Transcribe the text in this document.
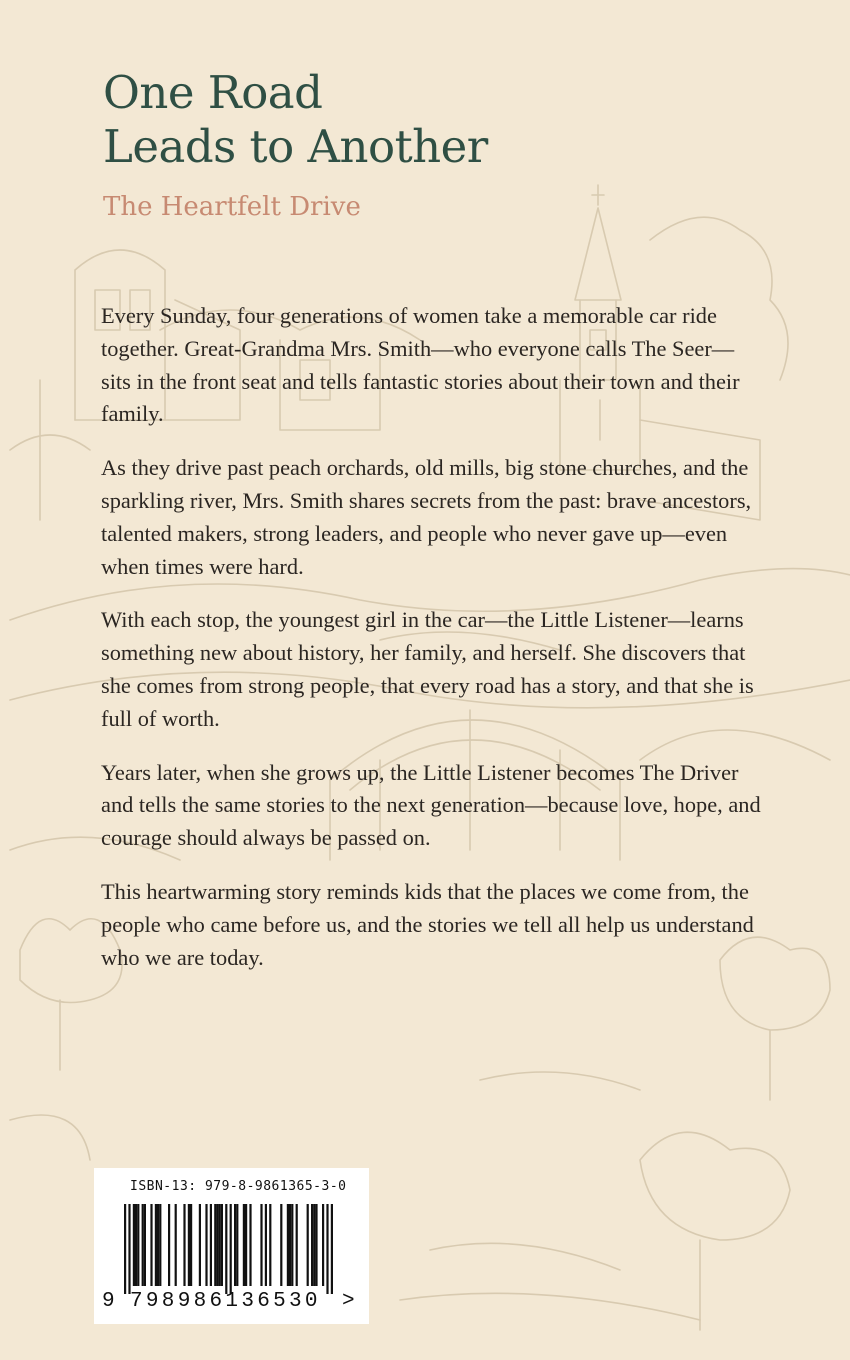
One Road
Leads to Another
The Heartfelt Drive

Every Sunday, four generations of women take a memorable car ride together. Great-Grandma Mrs. Smith—who everyone calls The Seer—sits in the front seat and tells fantastic stories about their town and their family.

As they drive past peach orchards, old mills, big stone churches, and the sparkling river, Mrs. Smith shares secrets from the past: brave ancestors, talented makers, strong leaders, and people who never gave up—even when times were hard.

With each stop, the youngest girl in the car—the Little Listener—learns something new about history, her family, and herself. She discovers that she comes from strong people, that every road has a story, and that she is full of worth.

Years later, when she grows up, the Little Listener becomes The Driver and tells the same stories to the next generation—because love, hope, and courage should always be passed on.

This heartwarming story reminds kids that the places we come from, the people who came before us, and the stories we tell all help us understand who we are today.

ISBN-13: 979-8-9861365-3-0
9 798986136530 >
